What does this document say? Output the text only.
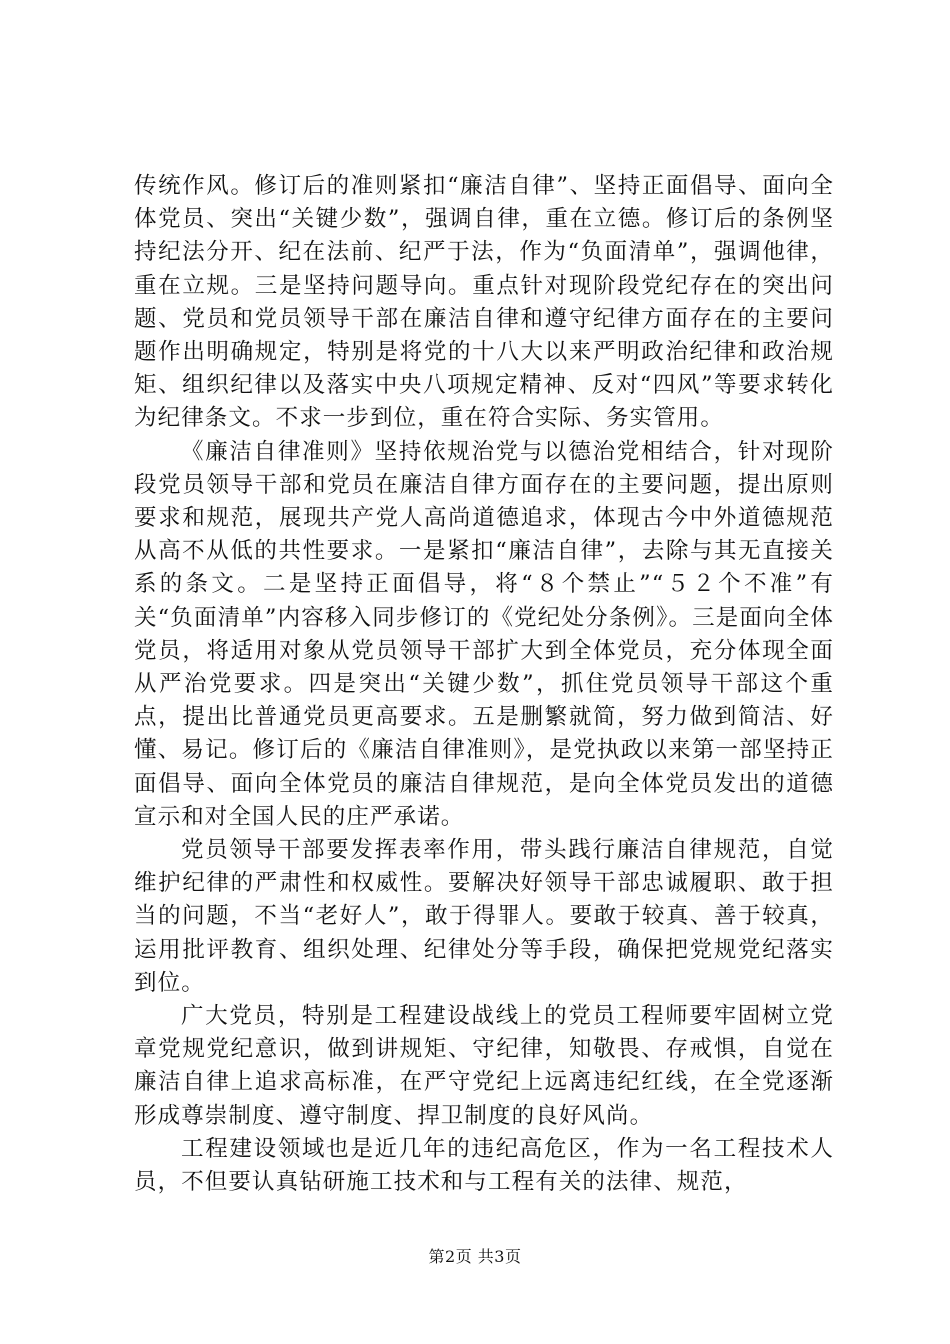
传统作风。修订后的准则紧扣“廉洁自律”、坚持正面倡导、面向全体党员、突出“关键少数”，强调自律，重在立德。修订后的条例坚持纪法分开、纪在法前、纪严于法，作为“负面清单”，强调他律，重在立规。三是坚持问题导向。重点针对现阶段党纪存在的突出问题、党员和党员领导干部在廉洁自律和遵守纪律方面存在的主要问题作出明确规定，特别是将党的十八大以来严明政治纪律和政治规矩、组织纪律以及落实中央八项规定精神、反对“四风”等要求转化为纪律条文。不求一步到位，重在符合实际、务实管用。

《廉洁自律准则》坚持依规治党与以德治党相结合，针对现阶段党员领导干部和党员在廉洁自律方面存在的主要问题，提出原则要求和规范，展现共产党人高尚道德追求，体现古今中外道德规范从高不从低的共性要求。一是紧扣“廉洁自律”，去除与其无直接关系的条文。二是坚持正面倡导，将“８个禁止”“５２个不准”有关“负面清单”内容移入同步修订的《党纪处分条例》。三是面向全体党员，将适用对象从党员领导干部扩大到全体党员，充分体现全面从严治党要求。四是突出“关键少数”，抓住党员领导干部这个重点，提出比普通党员更高要求。五是删繁就简，努力做到简洁、好懂、易记。修订后的《廉洁自律准则》，是党执政以来第一部坚持正面倡导、面向全体党员的廉洁自律规范，是向全体党员发出的道德宣示和对全国人民的庄严承诺。

党员领导干部要发挥表率作用，带头践行廉洁自律规范，自觉维护纪律的严肃性和权威性。要解决好领导干部忠诚履职、敢于担当的问题，不当“老好人”，敢于得罪人。要敢于较真、善于较真，运用批评教育、组织处理、纪律处分等手段，确保把党规党纪落实到位。

广大党员，特别是工程建设战线上的党员工程师要牢固树立党章党规党纪意识，做到讲规矩、守纪律，知敬畏、存戒惧，自觉在廉洁自律上追求高标准，在严守党纪上远离违纪红线，在全党逐渐形成尊崇制度、遵守制度、捍卫制度的良好风尚。

工程建设领域也是近几年的违纪高危区，作为一名工程技术人员，不但要认真钻研施工技术和与工程有关的法律、规范，

第2页 共3页
